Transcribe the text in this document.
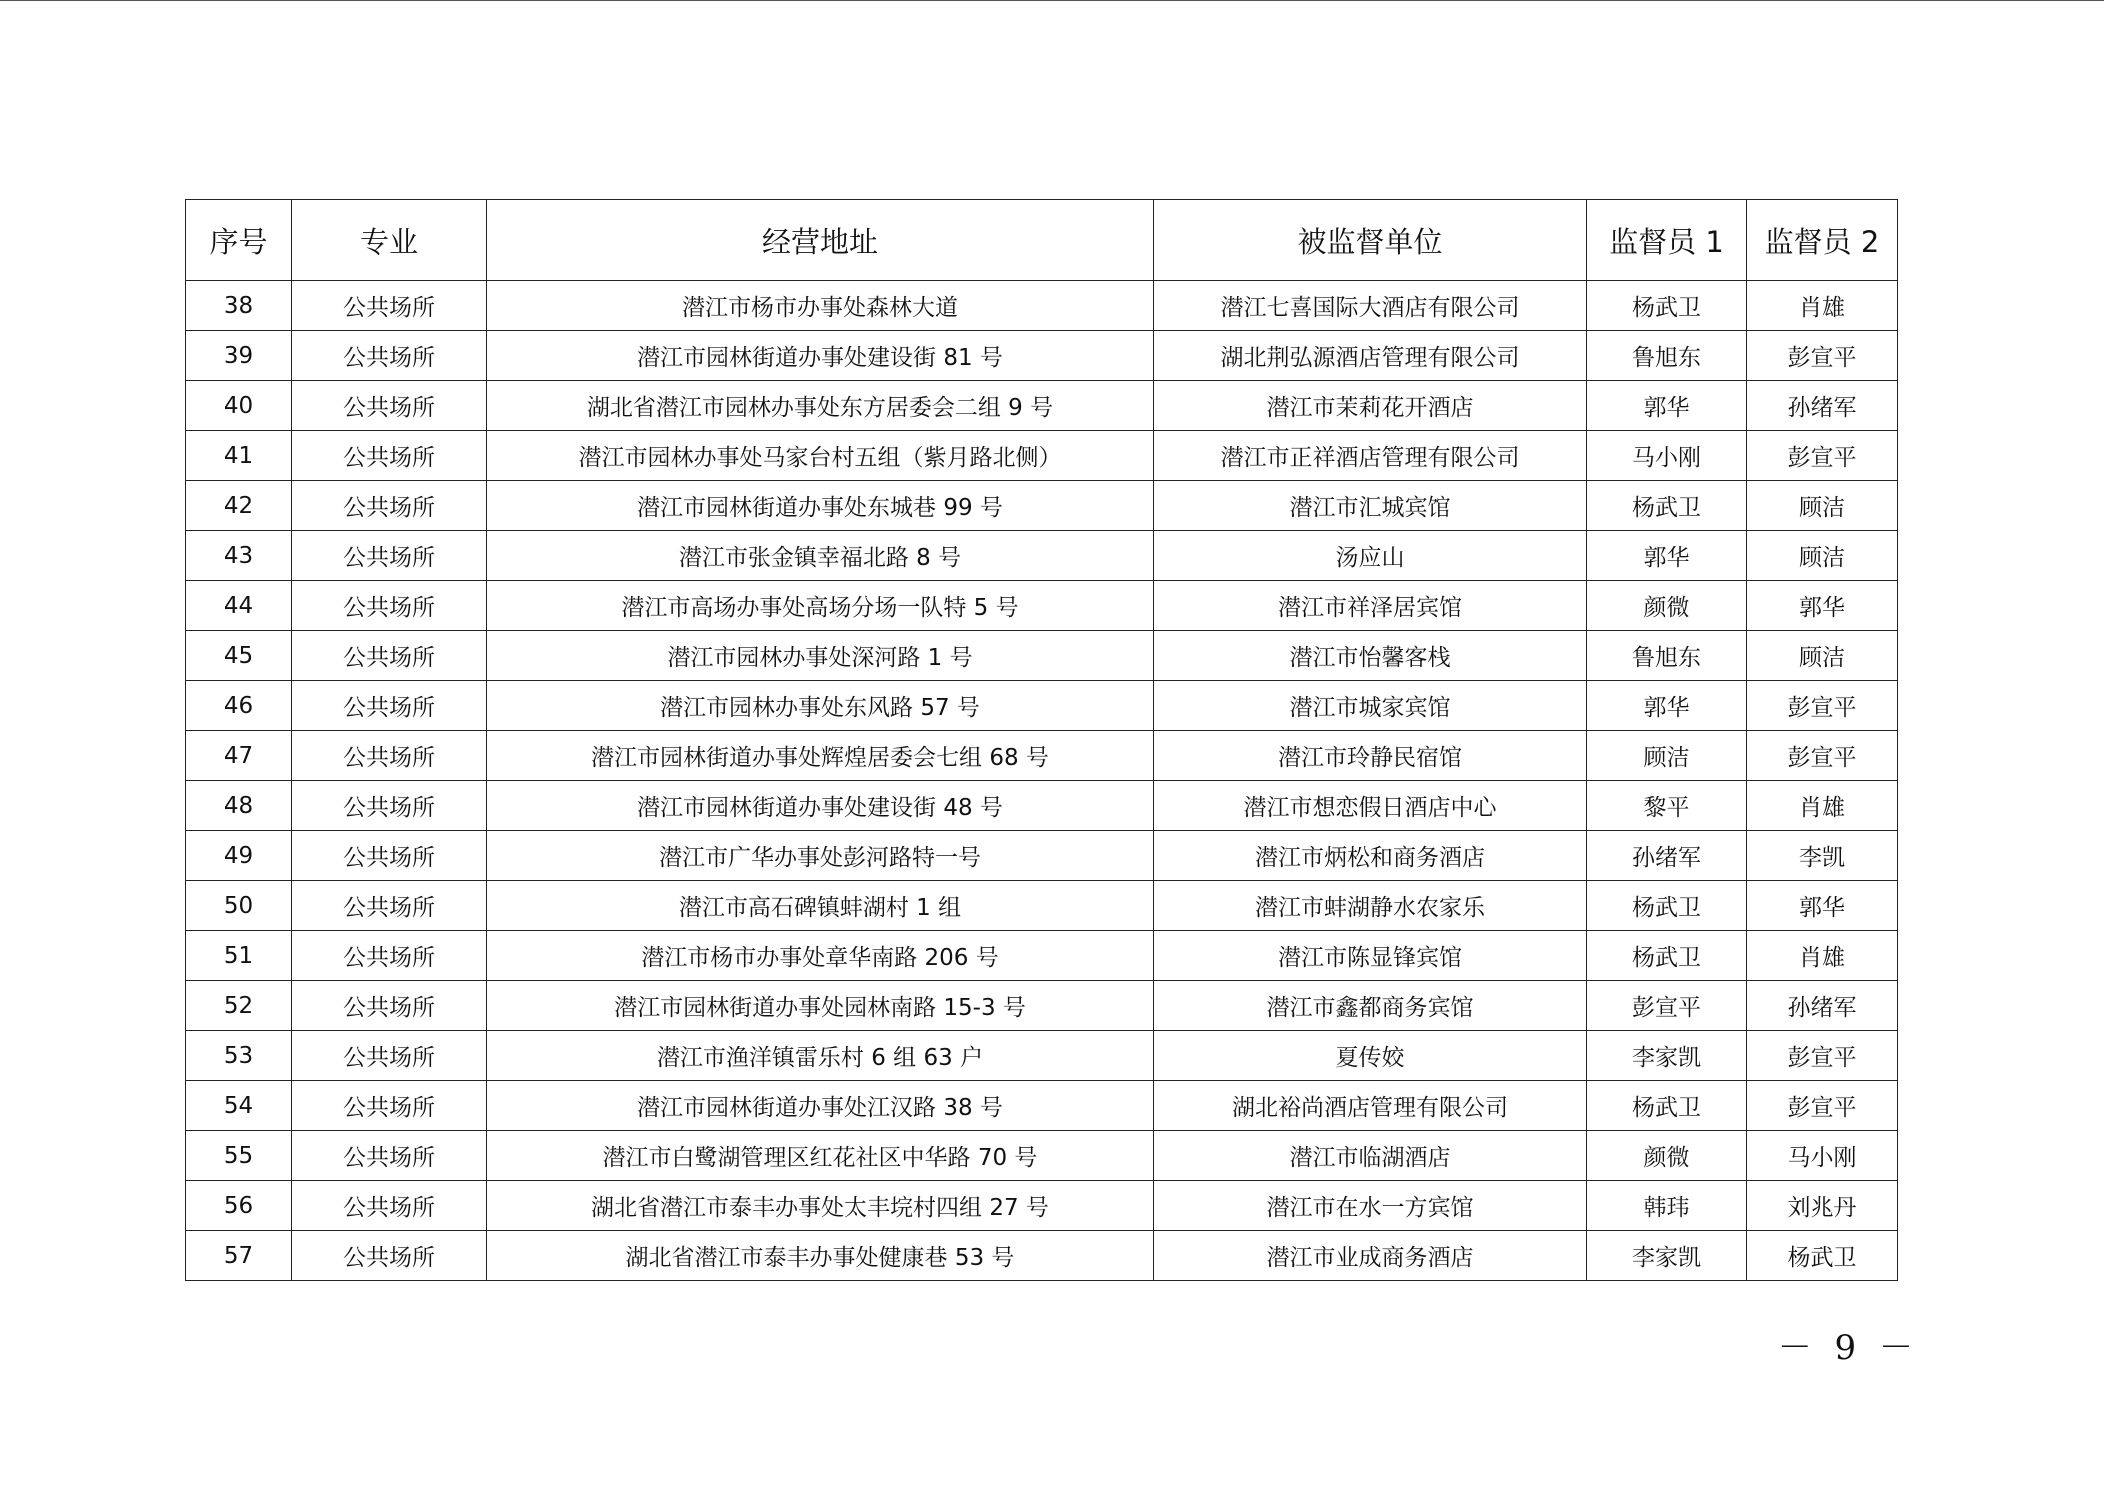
序号	专业	经营地址	被监督单位	监督员 1	监督员 2
38	公共场所	潜江市杨市办事处森林大道	潜江七喜国际大酒店有限公司	杨武卫	肖雄
39	公共场所	潜江市园林街道办事处建设街 81 号	湖北荆弘源酒店管理有限公司	鲁旭东	彭宣平
40	公共场所	湖北省潜江市园林办事处东方居委会二组 9 号	潜江市茉莉花开酒店	郭华	孙绪军
41	公共场所	潜江市园林办事处马家台村五组（紫月路北侧）	潜江市正祥酒店管理有限公司	马小刚	彭宣平
42	公共场所	潜江市园林街道办事处东城巷 99 号	潜江市汇城宾馆	杨武卫	顾洁
43	公共场所	潜江市张金镇幸福北路 8 号	汤应山	郭华	顾洁
44	公共场所	潜江市高场办事处高场分场一队特 5 号	潜江市祥泽居宾馆	颜微	郭华
45	公共场所	潜江市园林办事处深河路 1 号	潜江市怡馨客栈	鲁旭东	顾洁
46	公共场所	潜江市园林办事处东风路 57 号	潜江市城家宾馆	郭华	彭宣平
47	公共场所	潜江市园林街道办事处辉煌居委会七组 68 号	潜江市玲静民宿馆	顾洁	彭宣平
48	公共场所	潜江市园林街道办事处建设街 48 号	潜江市想恋假日酒店中心	黎平	肖雄
49	公共场所	潜江市广华办事处彭河路特一号	潜江市炳松和商务酒店	孙绪军	李凯
50	公共场所	潜江市高石碑镇蚌湖村 1 组	潜江市蚌湖静水农家乐	杨武卫	郭华
51	公共场所	潜江市杨市办事处章华南路 206 号	潜江市陈显锋宾馆	杨武卫	肖雄
52	公共场所	潜江市园林街道办事处园林南路 15-3 号	潜江市鑫都商务宾馆	彭宣平	孙绪军
53	公共场所	潜江市渔洋镇雷乐村 6 组 63 户	夏传姣	李家凯	彭宣平
54	公共场所	潜江市园林街道办事处江汉路 38 号	湖北裕尚酒店管理有限公司	杨武卫	彭宣平
55	公共场所	潜江市白鹭湖管理区红花社区中华路 70 号	潜江市临湖酒店	颜微	马小刚
56	公共场所	湖北省潜江市泰丰办事处太丰垸村四组 27 号	潜江市在水一方宾馆	韩玮	刘兆丹
57	公共场所	湖北省潜江市泰丰办事处健康巷 53 号	潜江市业成商务酒店	李家凯	杨武卫
－ 9 －
